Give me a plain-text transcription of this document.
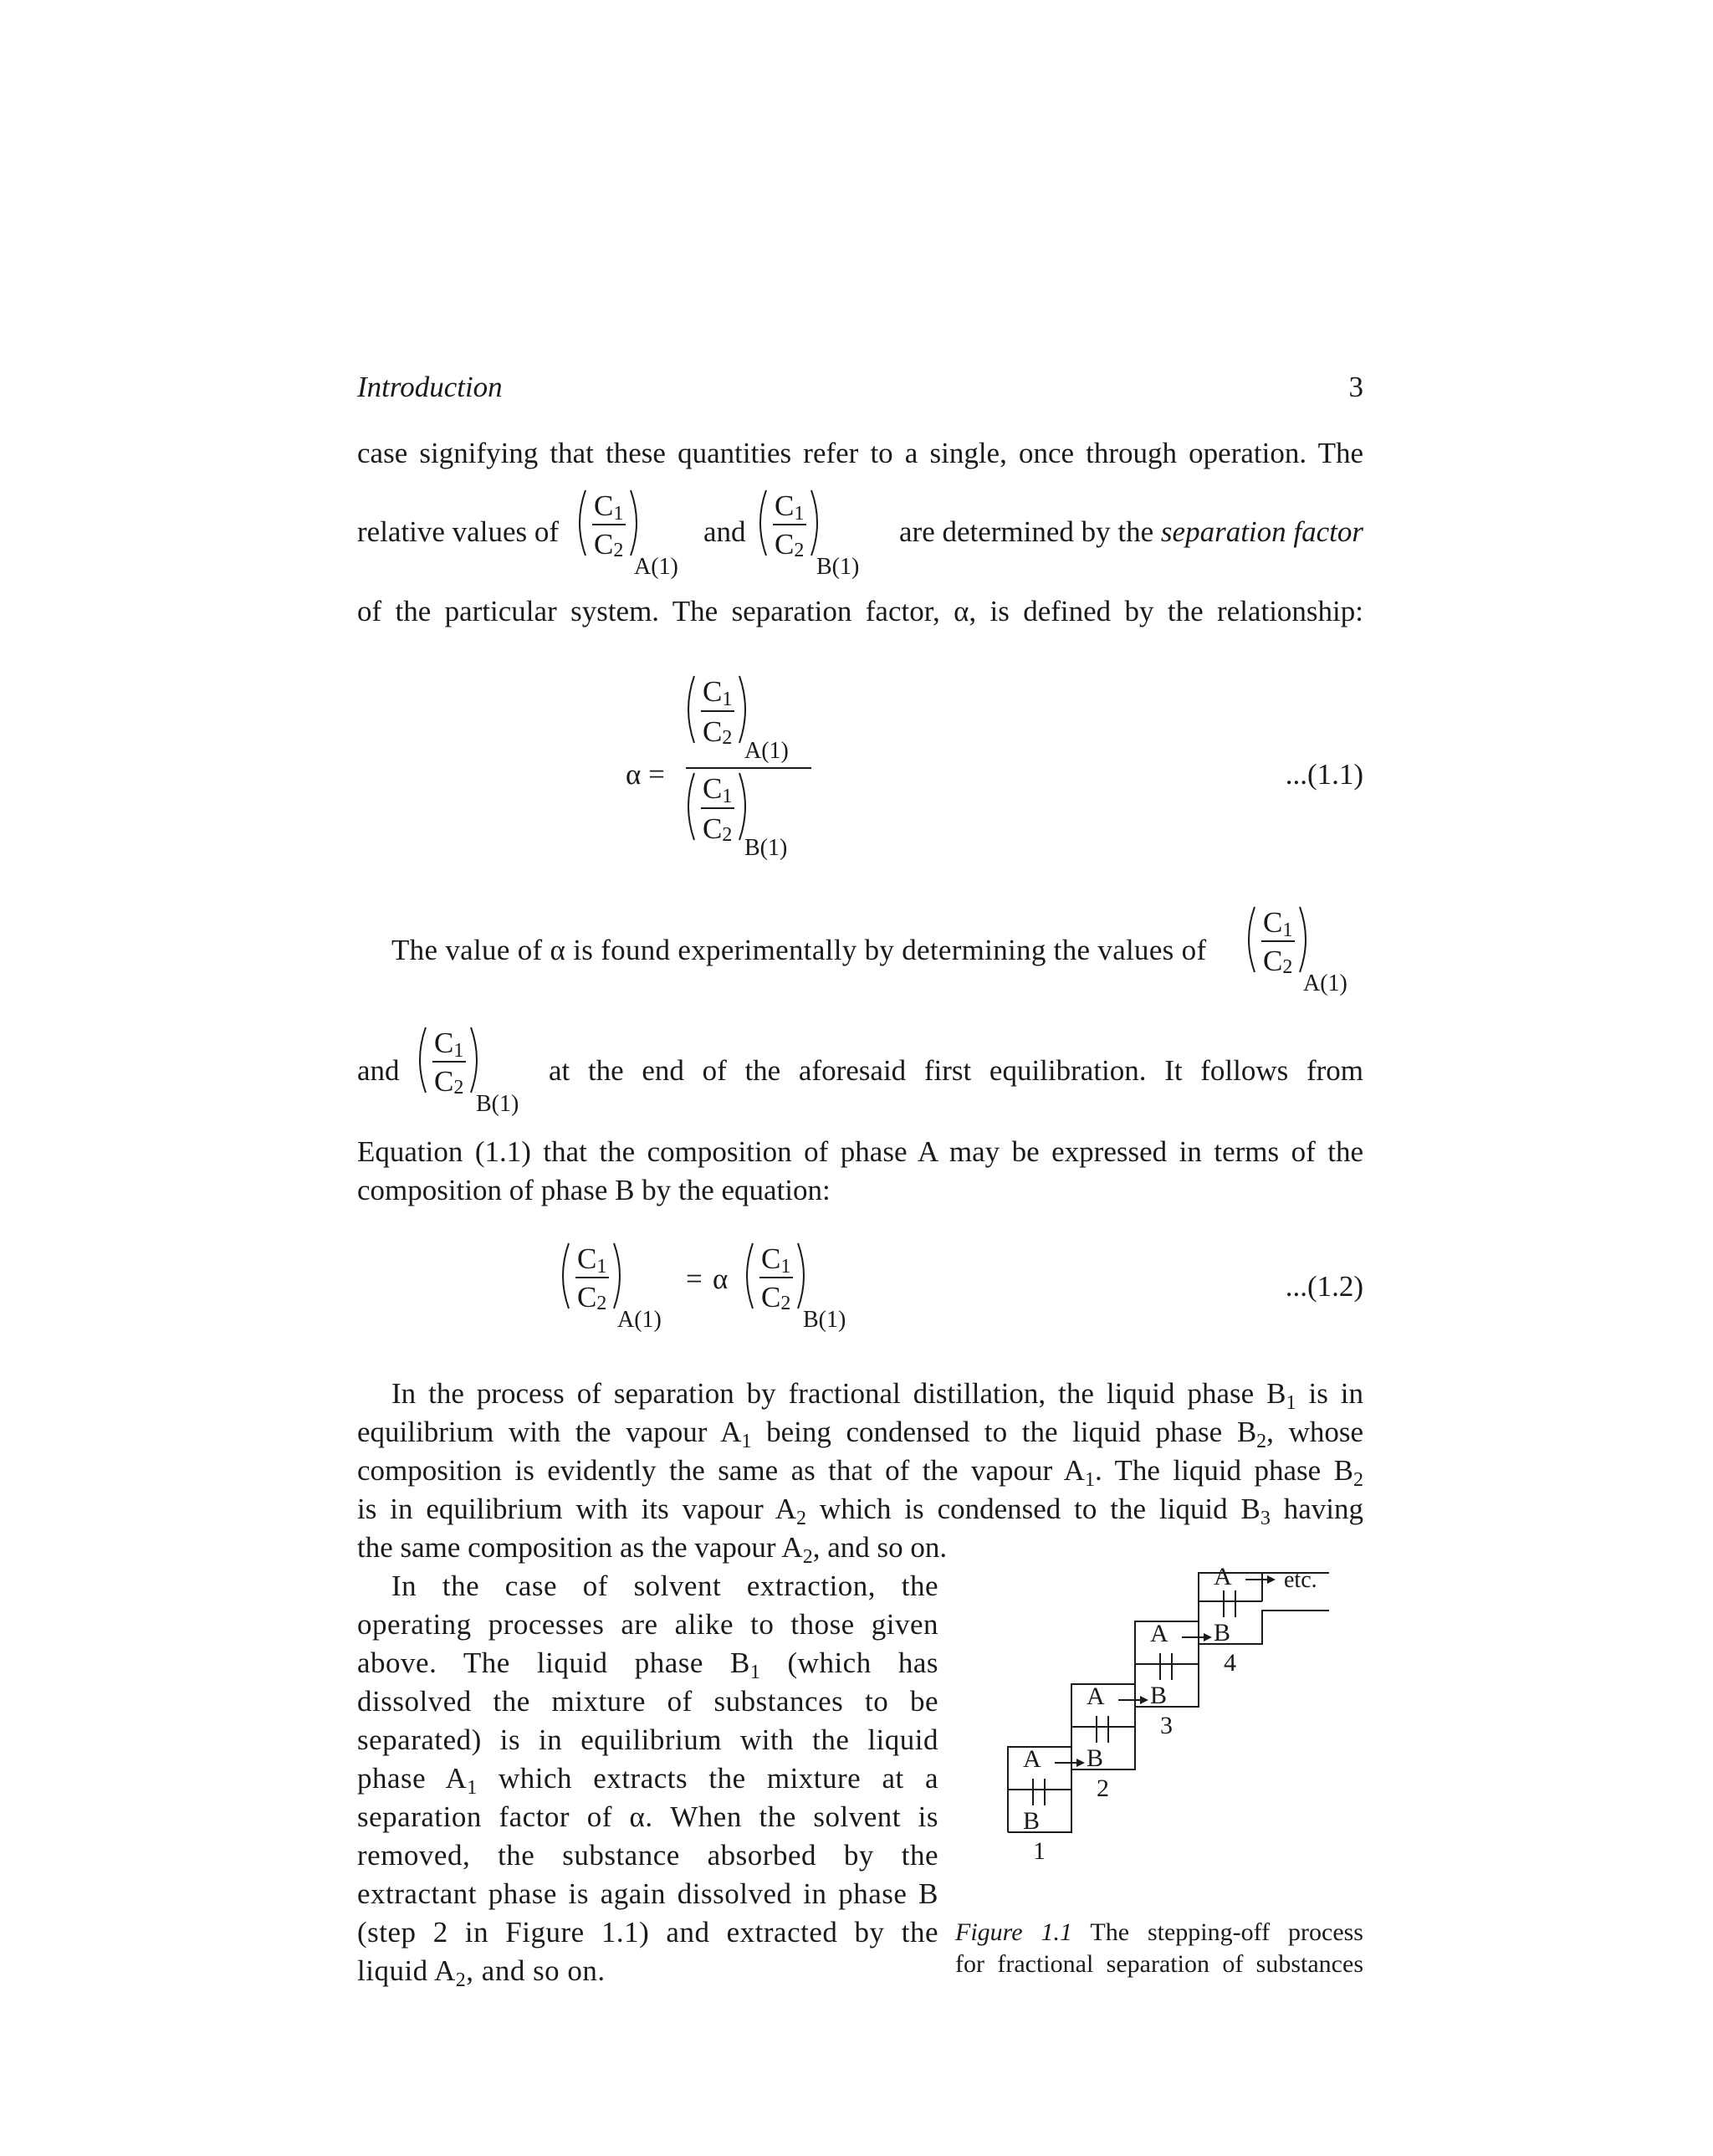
Introduction	3
case signifying that these quantities refer to a single, once through operation. The
relative values of
C1
C2
A(1)
and
C1
C2
B(1)
are determined by the separation factor
of the particular system. The separation factor, α, is defined by the relationship:
α =
C1
C2 A(1)
C1
C2 B(1)
...(1.1)
The value of α is found experimentally by determining the values of
C1
C2
A(1)
and
C1
C2
B(1)
at the end of the aforesaid first equilibration. It follows from
Equation (1.1) that the composition of phase A may be expressed in terms of the
composition of phase B by the equation:
C1
C2
A(1)
= α
C1
C2
B(1)
...(1.2)
In the process of separation by fractional distillation, the liquid phase $B_1$ is in
equilibrium with the vapour $A_1$ being condensed to the liquid phase $B_2$, whose
composition is evidently the same as that of the vapour $A_1$. The liquid phase $B_2$
is in equilibrium with its vapour $A_2$ which is condensed to the liquid $B_3$ having
the same composition as the vapour $A_2$, and so on.
In the case of solvent extraction, the
operating processes are alike to those given
above. The liquid phase $B_1$ (which has
dissolved the mixture of substances to be
separated) is in equilibrium with the liquid
phase $A_1$ which extracts the mixture at a
separation factor of α. When the solvent is
removed, the substance absorbed by the
extractant phase is again dissolved in phase B
(step 2 in Figure 1.1) and extracted by the
liquid $A_2$, and so on.
A
B
A
B
A
B
A
B
1
2
3
4
etc.
Figure 1.1 The stepping-off process
for fractional separation of substances
